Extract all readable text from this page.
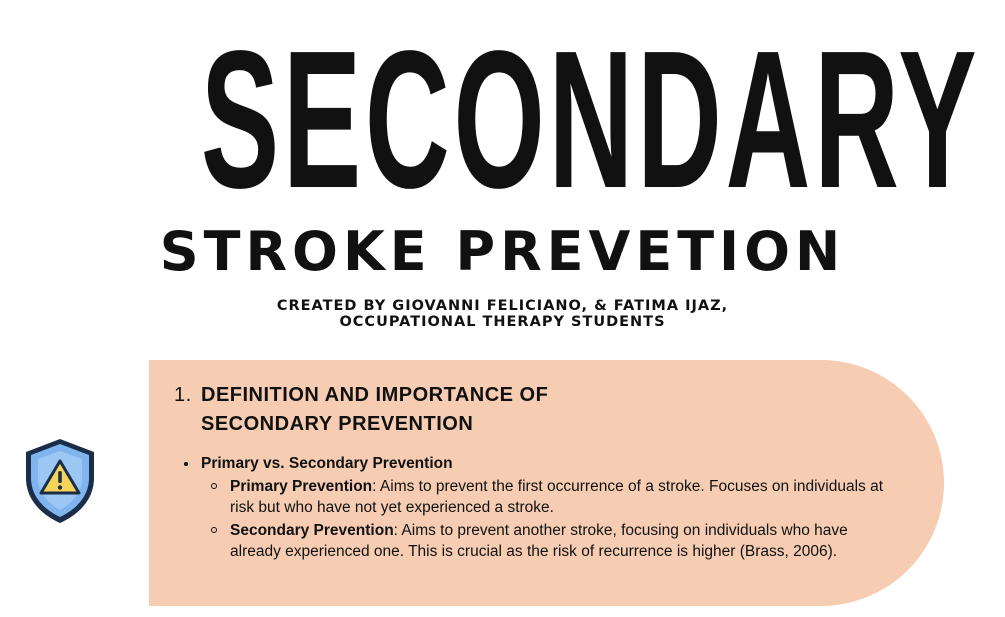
SECONDARY
STROKE PREVETION
CREATED BY GIOVANNI FELICIANO, & FATIMA IJAZ,
OCCUPATIONAL THERAPY STUDENTS
1. DEFINITION AND IMPORTANCE OF SECONDARY PREVENTION
Primary vs. Secondary Prevention
Primary Prevention: Aims to prevent the first occurrence of a stroke. Focuses on individuals at risk but who have not yet experienced a stroke.
Secondary Prevention: Aims to prevent another stroke, focusing on individuals who have already experienced one. This is crucial as the risk of recurrence is higher (Brass, 2006).
